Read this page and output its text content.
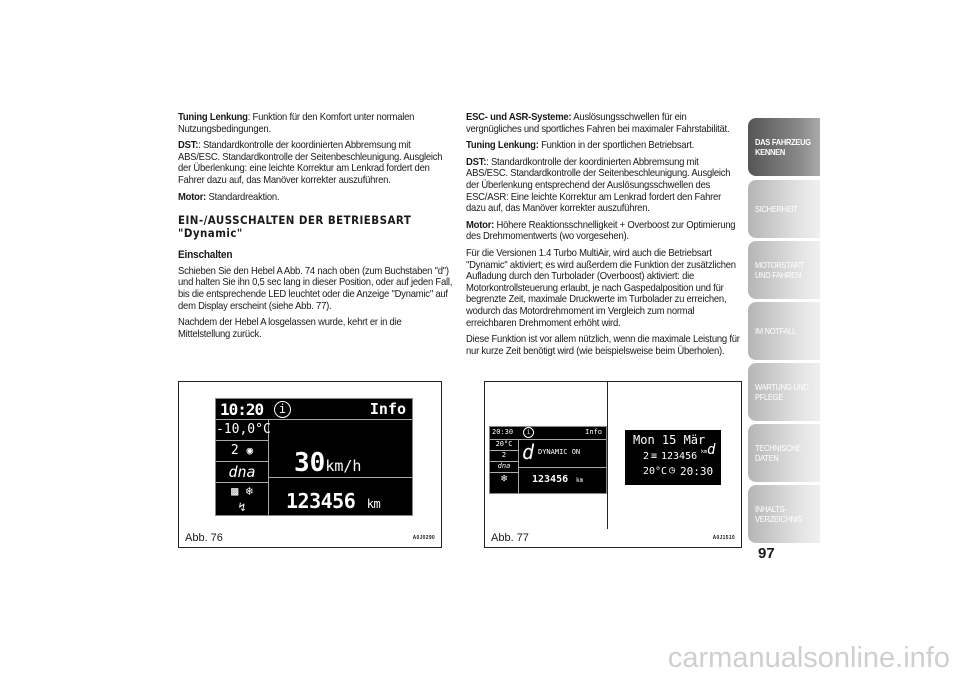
Tuning Lenkung: Funktion für den Komfort unter normalen Nutzungsbedingungen.

DST:: Standardkontrolle der koordinierten Abbremsung mit ABS/ESC. Standardkontrolle der Seitenbeschleunigung. Ausgleich der Überlenkung: eine leichte Korrektur am Lenkrad fordert den Fahrer dazu auf, das Manöver korrekter auszuführen.

Motor: Standardreaktion.

EIN-/AUSSCHALTEN DER BETRIEBSART "Dynamic"
Einschalten

Schieben Sie den Hebel A Abb. 74 nach oben (zum Buchstaben "d") und halten Sie ihn 0,5 sec lang in dieser Position, oder auf jeden Fall, bis die entsprechende LED leuchtet oder die Anzeige "Dynamic" auf dem Display erscheint (siehe Abb. 77).

Nachdem der Hebel A losgelassen wurde, kehrt er in die Mittelstellung zurück.

ESC- und ASR-Systeme: Auslösungsschwellen für ein vergnügliches und sportliches Fahren bei maximaler Fahrstabilität.

Tuning Lenkung: Funktion in der sportlichen Betriebsart.

DST:: Standardkontrolle der koordinierten Abbremsung mit ABS/ESC. Standardkontrolle der Seitenbeschleunigung. Ausgleich der Überlenkung entsprechend der Auslösungsschwellen des ESC/ASR: Eine leichte Korrektur am Lenkrad fordert den Fahrer dazu auf, das Manöver korrekter auszuführen.

Motor: Höhere Reaktionsschnelligkeit + Overboost zur Optimierung des Drehmomentwerts (wo vorgesehen).

Für die Versionen 1.4 Turbo MultiAir, wird auch die Betriebsart "Dynamic" aktiviert; es wird außerdem die Funktion der zusätzlichen Aufladung durch den Turbolader (Overboost) aktiviert: die Motorkontrollsteuerung erlaubt, je nach Gaspedalposition und für begrenzte Zeit, maximale Druckwerte im Turbolader zu erreichen, wodurch das Motordrehmoment im Vergleich zum normal erreichbaren Drehmoment erhöht wird.

Diese Funktion ist vor allem nützlich, wenn die maximale Leistung für nur kurze Zeit benötigt wird (wie beispielsweise beim Überholen).

10:20	i	Info
-10,0°C
2 ◉
dna
▩ ❄
↯
30km/h
123456 km
Abb. 76	A0J0290
20:30	i	Info
20°C
2
dna
❇
d DYNAMIC ON
123456 km
Mon 15 Mär
2 ≡ 123456 km
20°C ◷ 20:30
d
Abb. 77	A0J1510
DAS FAHRZEUG KENNEN
SICHERHEIT
MOTORSTART UND FAHREN
IM NOTFALL
WARTUNG UND PFLEGE
TECHNISCHE DATEN
INHALTS-VERZEICHNIS
97
carmanualsonline.info
